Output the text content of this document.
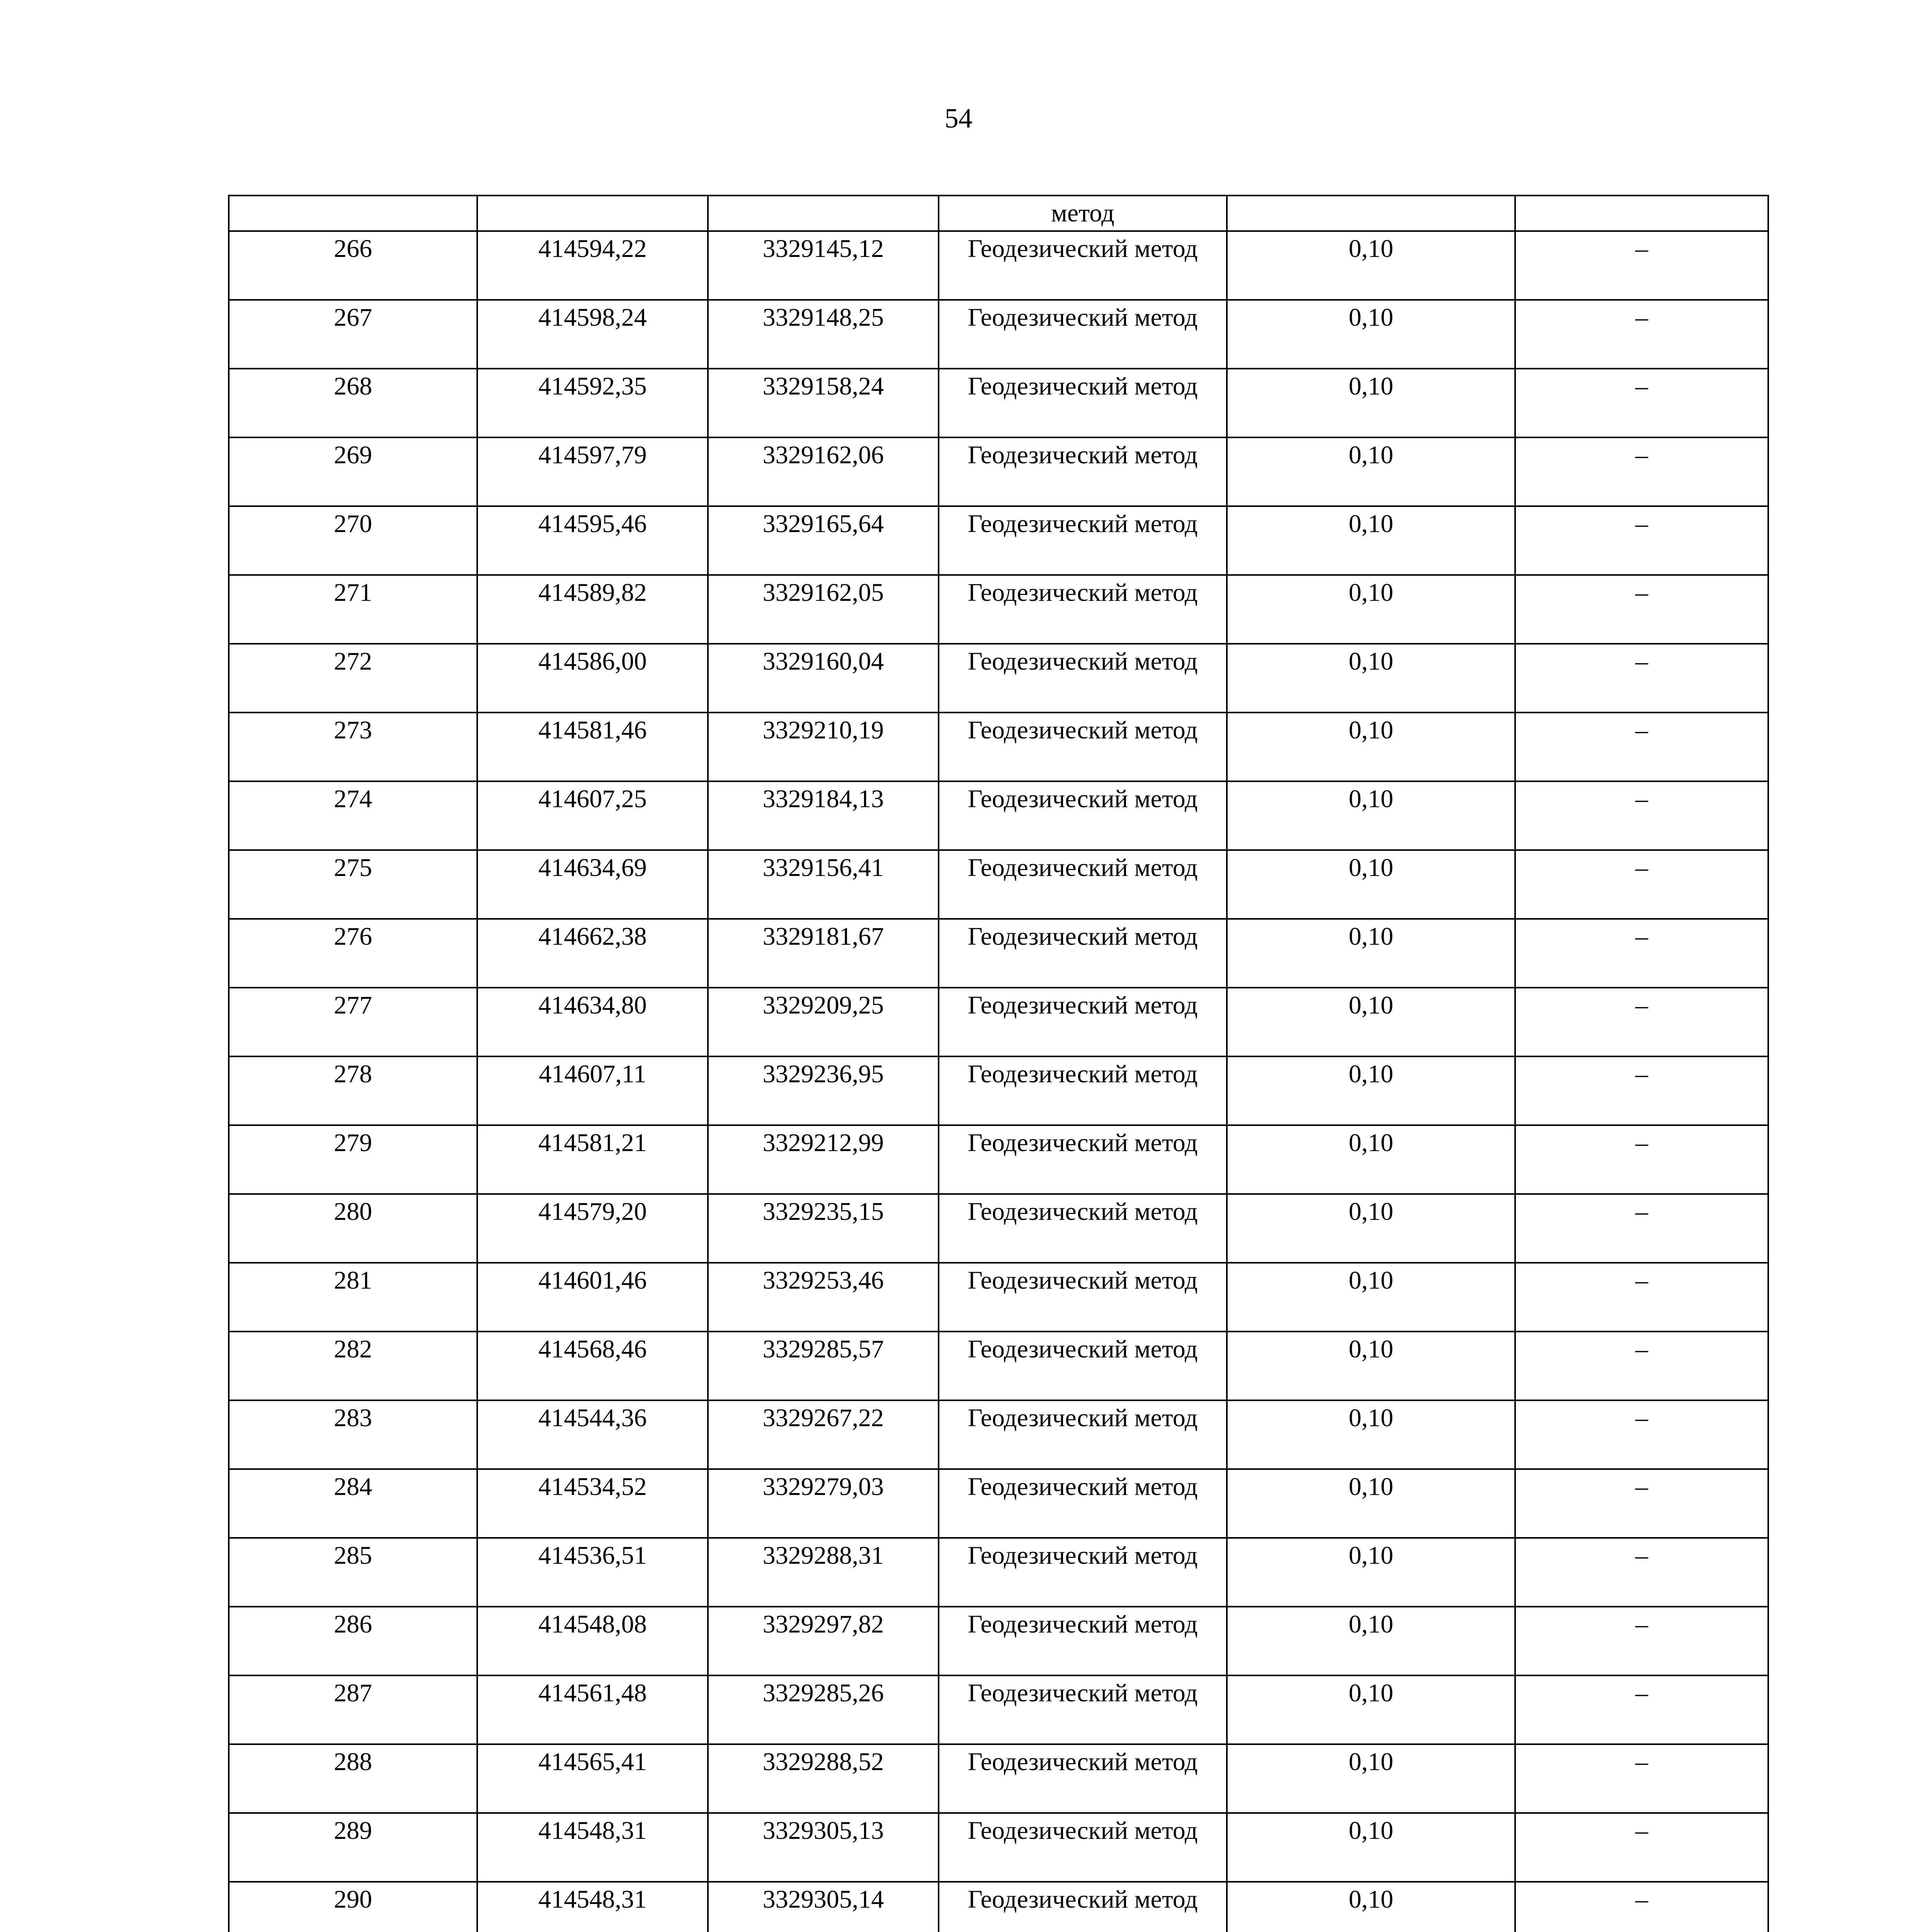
54
			метод		
266	414594,22	3329145,12	Геодезический метод	0,10	–
267	414598,24	3329148,25	Геодезический метод	0,10	–
268	414592,35	3329158,24	Геодезический метод	0,10	–
269	414597,79	3329162,06	Геодезический метод	0,10	–
270	414595,46	3329165,64	Геодезический метод	0,10	–
271	414589,82	3329162,05	Геодезический метод	0,10	–
272	414586,00	3329160,04	Геодезический метод	0,10	–
273	414581,46	3329210,19	Геодезический метод	0,10	–
274	414607,25	3329184,13	Геодезический метод	0,10	–
275	414634,69	3329156,41	Геодезический метод	0,10	–
276	414662,38	3329181,67	Геодезический метод	0,10	–
277	414634,80	3329209,25	Геодезический метод	0,10	–
278	414607,11	3329236,95	Геодезический метод	0,10	–
279	414581,21	3329212,99	Геодезический метод	0,10	–
280	414579,20	3329235,15	Геодезический метод	0,10	–
281	414601,46	3329253,46	Геодезический метод	0,10	–
282	414568,46	3329285,57	Геодезический метод	0,10	–
283	414544,36	3329267,22	Геодезический метод	0,10	–
284	414534,52	3329279,03	Геодезический метод	0,10	–
285	414536,51	3329288,31	Геодезический метод	0,10	–
286	414548,08	3329297,82	Геодезический метод	0,10	–
287	414561,48	3329285,26	Геодезический метод	0,10	–
288	414565,41	3329288,52	Геодезический метод	0,10	–
289	414548,31	3329305,13	Геодезический метод	0,10	–
290	414548,31	3329305,14	Геодезический метод	0,10	–
